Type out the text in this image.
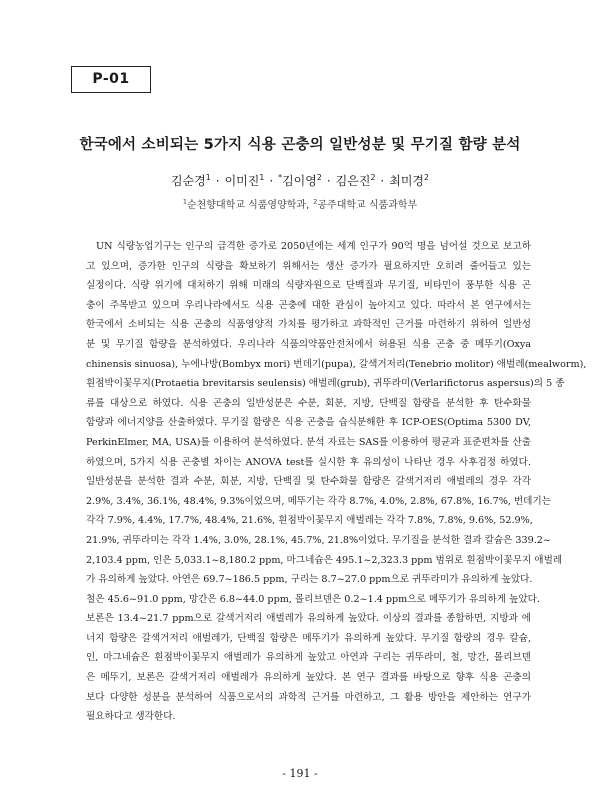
P-01
한국에서 소비되는 5가지 식용 곤충의 일반성분 및 무기질 함량 분석
김순경$^1$ · 이미진$^1$ · *김이영$^2$ · 김은진$^2$ · 최미경$^2$
$^1$순천향대학교 식품영양학과, $^2$공주대학교 식품과학부
UN 식량농업기구는 인구의 급격한 증가로 2050년에는 세계 인구가 90억 명을 넘어설 것으로 보고하
고 있으며, 증가한 인구의 식량을 확보하기 위해서는 생산 증가가 필요하지만 오히려 줄어들고 있는
실정이다. 식량 위기에 대처하기 위해 미래의 식량자원으로 단백질과 무기질, 비타민이 풍부한 식용 곤
충이 주목받고 있으며 우리나라에서도 식용 곤충에 대한 관심이 높아지고 있다. 따라서 본 연구에서는
한국에서 소비되는 식용 곤충의 식품영양적 가치를 평가하고 과학적인 근거를 마련하기 위하여 일반성
분 및 무기질 함량을 분석하였다. 우리나라 식품의약품안전처에서 허용된 식용 곤충 중 메뚜기(Oxya
chinensis sinuosa), 누에나방(Bombyx mori) 번데기(pupa), 갈색거저리(Tenebrio molitor) 애벌레(mealworm),
흰점박이꽃무지(Protaetia brevitarsis seulensis) 애벌레(grub), 귀뚜라미(Verlarifictorus aspersus)의 5 종
류를 대상으로 하였다. 식용 곤충의 일반성분은 수분, 회분, 지방, 단백질 함량을 분석한 후 탄수화물
함량과 에너지양을 산출하였다. 무기질 함량은 식용 곤충을 습식분해한 후 ICP-OES(Optima 5300 DV,
PerkinElmer, MA, USA)를 이용하여 분석하였다. 분석 자료는 SAS를 이용하여 평균과 표준편차를 산출
하였으며, 5가지 식용 곤충별 차이는 ANOVA test를 실시한 후 유의성이 나타난 경우 사후검정 하였다.
일반성분을 분석한 결과 수분, 회분, 지방, 단백질 및 탄수화물 함량은 갈색거저리 애벌레의 경우 각각
2.9%, 3.4%, 36.1%, 48.4%, 9.3%이었으며, 메뚜기는 각각 8.7%, 4.0%, 2.8%, 67.8%, 16.7%, 번데기는
각각 7.9%, 4.4%, 17.7%, 48.4%, 21.6%, 흰점박이꽃무지 애벌레는 각각 7.8%, 7.8%, 9.6%, 52.9%,
21.9%, 귀뚜라미는 각각 1.4%, 3.0%, 28.1%, 45.7%, 21.8%이었다. 무기질을 분석한 결과 칼슘은 339.2~
2,103.4 ppm, 인은 5,033.1~8,180.2 ppm, 마그네슘은 495.1~2,323.3 ppm 범위로 흰점박이꽃무지 애벌레
가 유의하게 높았다. 아연은 69.7~186.5 ppm, 구리는 8.7~27.0 ppm으로 귀뚜라미가 유의하게 높았다.
철은 45.6~91.0 ppm, 망간은 6.8~44.0 ppm, 몰리브덴은 0.2~1.4 ppm으로 메뚜기가 유의하게 높았다.
보론은 13.4~21.7 ppm으로 갈색거저리 애벌레가 유의하게 높았다. 이상의 결과를 종합하면, 지방과 에
너지 함량은 갈색거저리 애벌레가, 단백질 함량은 메뚜기가 유의하게 높았다. 무기질 함량의 경우 칼슘,
인, 마그네슘은 흰점박이꽃무지 애벌레가 유의하게 높았고 아연과 구리는 귀뚜라미, 철, 망간, 몰리브덴
은 메뚜기, 보론은 갈색거저리 애벌레가 유의하게 높았다. 본 연구 결과를 바탕으로 향후 식용 곤충의
보다 다양한 성분을 분석하여 식품으로서의 과학적 근거를 마련하고, 그 활용 방안을 제안하는 연구가
필요하다고 생각한다.
- 191 -
